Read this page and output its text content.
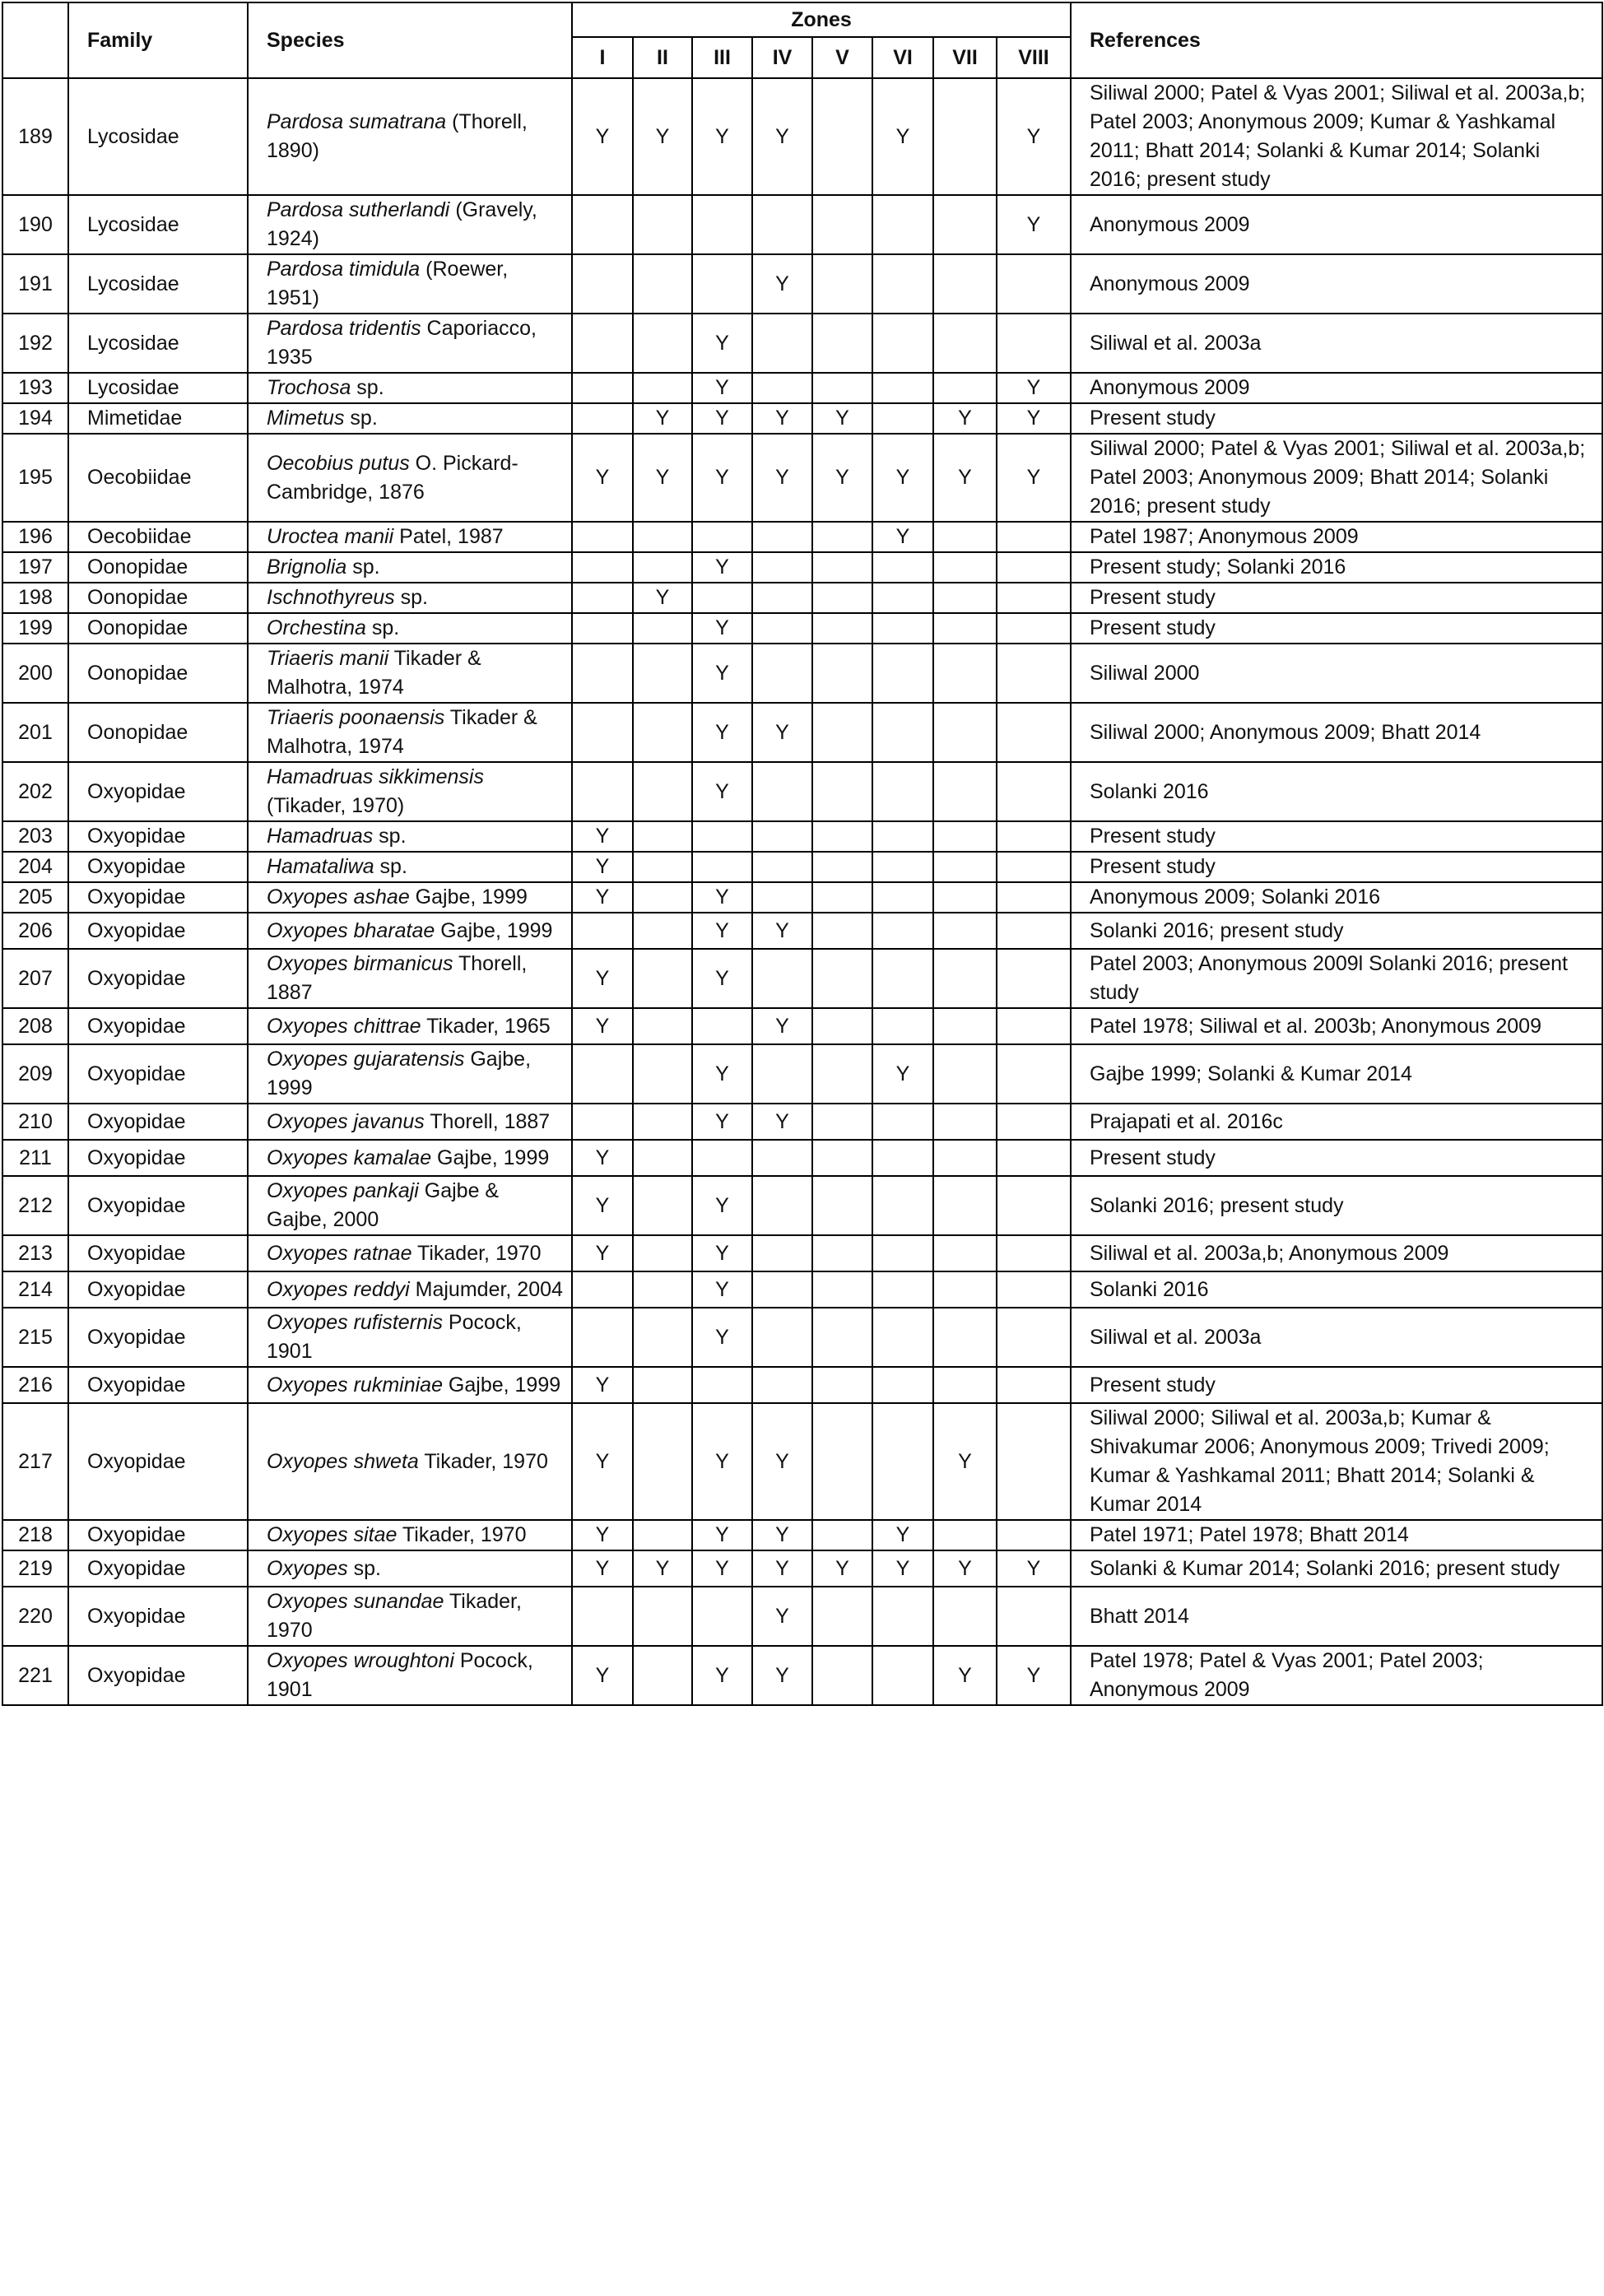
	Family	Species	Zones								References
			I	II	III	IV	V	VI	VII	VIII	
189	Lycosidae	Pardosa sumatrana (Thorell, 1890)	Y	Y	Y	Y		Y		Y	Siliwal 2000; Patel & Vyas 2001; Siliwal et al. 2003a,b; Patel 2003; Anonymous 2009; Kumar & Yashkamal 2011; Bhatt 2014; Solanki & Kumar 2014; Solanki 2016; present study
190	Lycosidae	Pardosa sutherlandi (Gravely, 1924)								Y	Anonymous 2009
191	Lycosidae	Pardosa timidula (Roewer, 1951)				Y					Anonymous 2009
192	Lycosidae	Pardosa tridentis Caporiacco, 1935			Y						Siliwal et al. 2003a
193	Lycosidae	Trochosa sp.			Y					Y	Anonymous 2009
194	Mimetidae	Mimetus sp.		Y	Y	Y	Y		Y	Y	Present study
195	Oecobiidae	Oecobius putus O. Pickard-Cambridge, 1876	Y	Y	Y	Y	Y	Y	Y	Y	Siliwal 2000; Patel & Vyas 2001; Siliwal et al. 2003a,b; Patel 2003; Anonymous 2009; Bhatt 2014; Solanki 2016; present study
196	Oecobiidae	Uroctea manii Patel, 1987						Y			Patel 1987; Anonymous 2009
197	Oonopidae	Brignolia sp.			Y						Present study; Solanki 2016
198	Oonopidae	Ischnothyreus sp.		Y							Present study
199	Oonopidae	Orchestina sp.			Y						Present study
200	Oonopidae	Triaeris manii Tikader & Malhotra, 1974			Y						Siliwal 2000
201	Oonopidae	Triaeris poonaensis Tikader & Malhotra, 1974			Y	Y					Siliwal 2000; Anonymous 2009; Bhatt 2014
202	Oxyopidae	Hamadruas sikkimensis (Tikader, 1970)			Y						Solanki 2016
203	Oxyopidae	Hamadruas sp.	Y								Present study
204	Oxyopidae	Hamataliwa sp.	Y								Present study
205	Oxyopidae	Oxyopes ashae Gajbe, 1999	Y		Y						Anonymous 2009; Solanki 2016
206	Oxyopidae	Oxyopes bharatae Gajbe, 1999			Y	Y					Solanki 2016; present study
207	Oxyopidae	Oxyopes birmanicus Thorell, 1887	Y		Y						Patel 2003; Anonymous 2009l Solanki 2016; present study
208	Oxyopidae	Oxyopes chittrae Tikader, 1965	Y			Y					Patel 1978; Siliwal et al. 2003b; Anonymous 2009
209	Oxyopidae	Oxyopes gujaratensis Gajbe, 1999			Y			Y			Gajbe 1999; Solanki & Kumar 2014
210	Oxyopidae	Oxyopes javanus Thorell, 1887			Y	Y					Prajapati et al. 2016c
211	Oxyopidae	Oxyopes kamalae Gajbe, 1999	Y								Present study
212	Oxyopidae	Oxyopes pankaji Gajbe & Gajbe, 2000	Y		Y						Solanki 2016; present study
213	Oxyopidae	Oxyopes ratnae Tikader, 1970	Y		Y						Siliwal et al. 2003a,b; Anonymous 2009
214	Oxyopidae	Oxyopes reddyi Majumder, 2004			Y						Solanki 2016
215	Oxyopidae	Oxyopes rufisternis Pocock, 1901			Y						Siliwal et al. 2003a
216	Oxyopidae	Oxyopes rukminiae Gajbe, 1999	Y								Present study
217	Oxyopidae	Oxyopes shweta Tikader, 1970	Y		Y	Y			Y		Siliwal 2000; Siliwal et al. 2003a,b; Kumar & Shivakumar 2006; Anonymous 2009; Trivedi 2009; Kumar & Yashkamal 2011; Bhatt 2014; Solanki & Kumar 2014
218	Oxyopidae	Oxyopes sitae Tikader, 1970	Y		Y	Y		Y			Patel 1971; Patel 1978; Bhatt 2014
219	Oxyopidae	Oxyopes sp.	Y	Y	Y	Y	Y	Y	Y	Y	Solanki & Kumar 2014; Solanki 2016; present study
220	Oxyopidae	Oxyopes sunandae Tikader, 1970				Y					Bhatt 2014
221	Oxyopidae	Oxyopes wroughtoni Pocock, 1901	Y		Y	Y			Y	Y	Patel 1978; Patel & Vyas 2001; Patel 2003; Anonymous 2009
